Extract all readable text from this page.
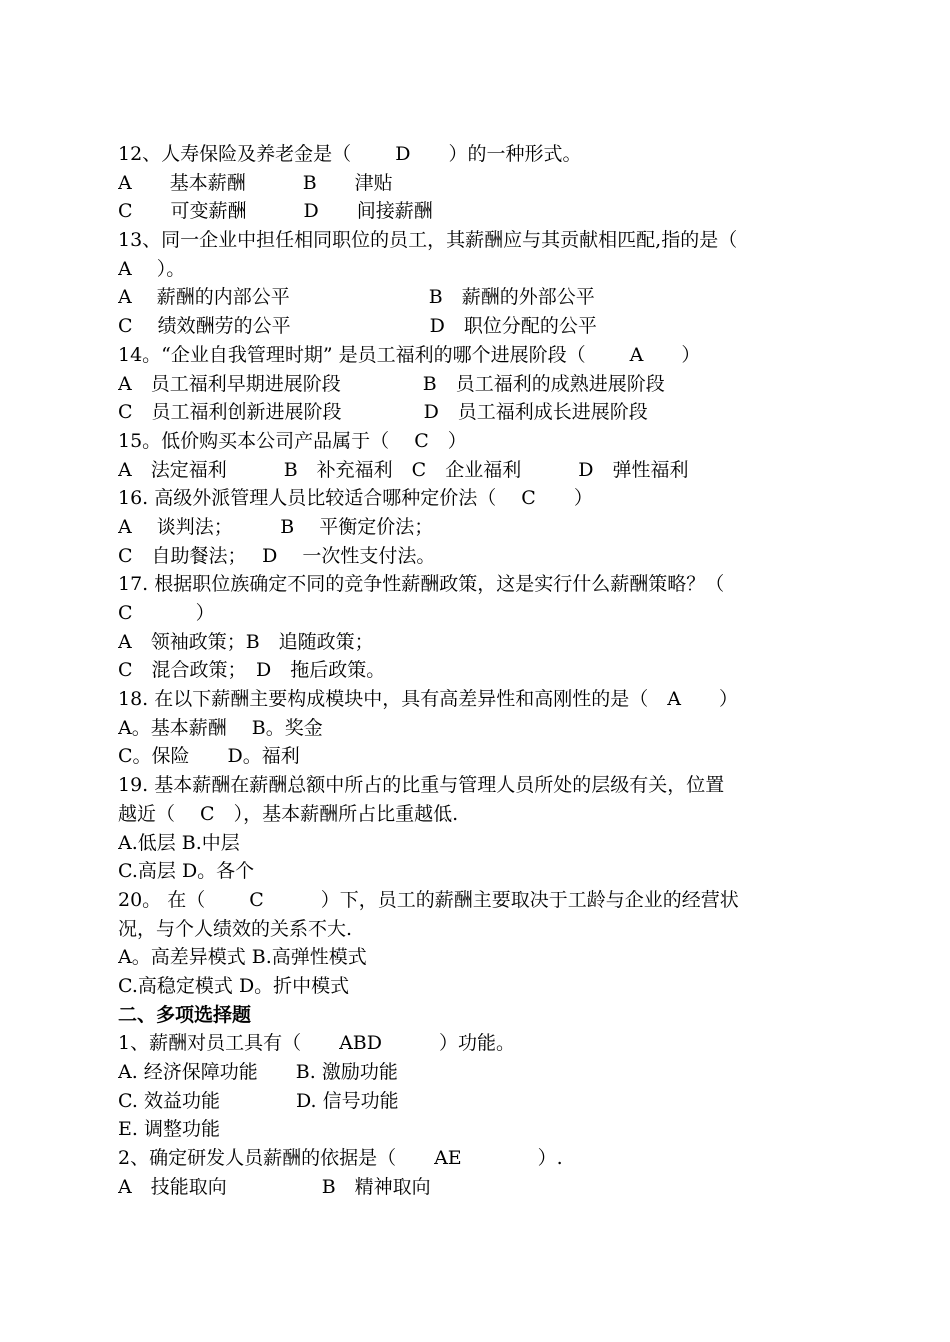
12、人寿保险及养老金是（　　 D　　）的一种形式。
A　　基本薪酬　　　B　　津贴
C　　可变薪酬　　　D　　间接薪酬
13、同一企业中担任相同职位的员工，其薪酬应与其贡献相匹配,指的是（
A　 ）。
A　 薪酬的内部公平　　　　　　　 B　薪酬的外部公平
C　 绩效酬劳的公平　　　　　　　 D　职位分配的公平
14。“企业自我管理时期” 是员工福利的哪个进展阶段（　　 A　　）
A　员工福利早期进展阶段　　　　 B　员工福利的成熟进展阶段
C　员工福利创新进展阶段　　　　 D　员工福利成长进展阶段
15。低价购买本公司产品属于（　 C　）
A　法定福利　　　B　补充福利　C　企业福利　　　D　弹性福利
16. 高级外派管理人员比较适合哪种定价法（　 C　　）
A　 谈判法；　　　B　 平衡定价法；
C　自助餐法；　 D　 一次性支付法。
17. 根据职位族确定不同的竞争性薪酬政策，这是实行什么薪酬策略？（
C　　　 ）
A　领袖政策；B　追随政策；
C　混合政策；　D　拖后政策。
18. 在以下薪酬主要构成模块中，具有高差异性和高刚性的是（　A　　）
A。基本薪酬　 B。奖金
C。保险　　D。福利
19. 基本薪酬在薪酬总额中所占的比重与管理人员所处的层级有关，位置
越近（　 C　），基本薪酬所占比重越低.
A.低层 B.中层
C.高层 D。各个
20。 在（　　 C　　　）下，员工的薪酬主要取决于工龄与企业的经营状
况，与个人绩效的关系不大.
A。高差异模式 B.高弹性模式
C.高稳定模式 D。折中模式
二、多项选择题
1、薪酬对员工具有（　　ABD　　　）功能。
A. 经济保障功能　　B. 激励功能
C. 效益功能　　　　D. 信号功能
E. 调整功能
2、确定研发人员薪酬的依据是（　　AE　　　　）.
A　技能取向　　　　　B　精神取向
